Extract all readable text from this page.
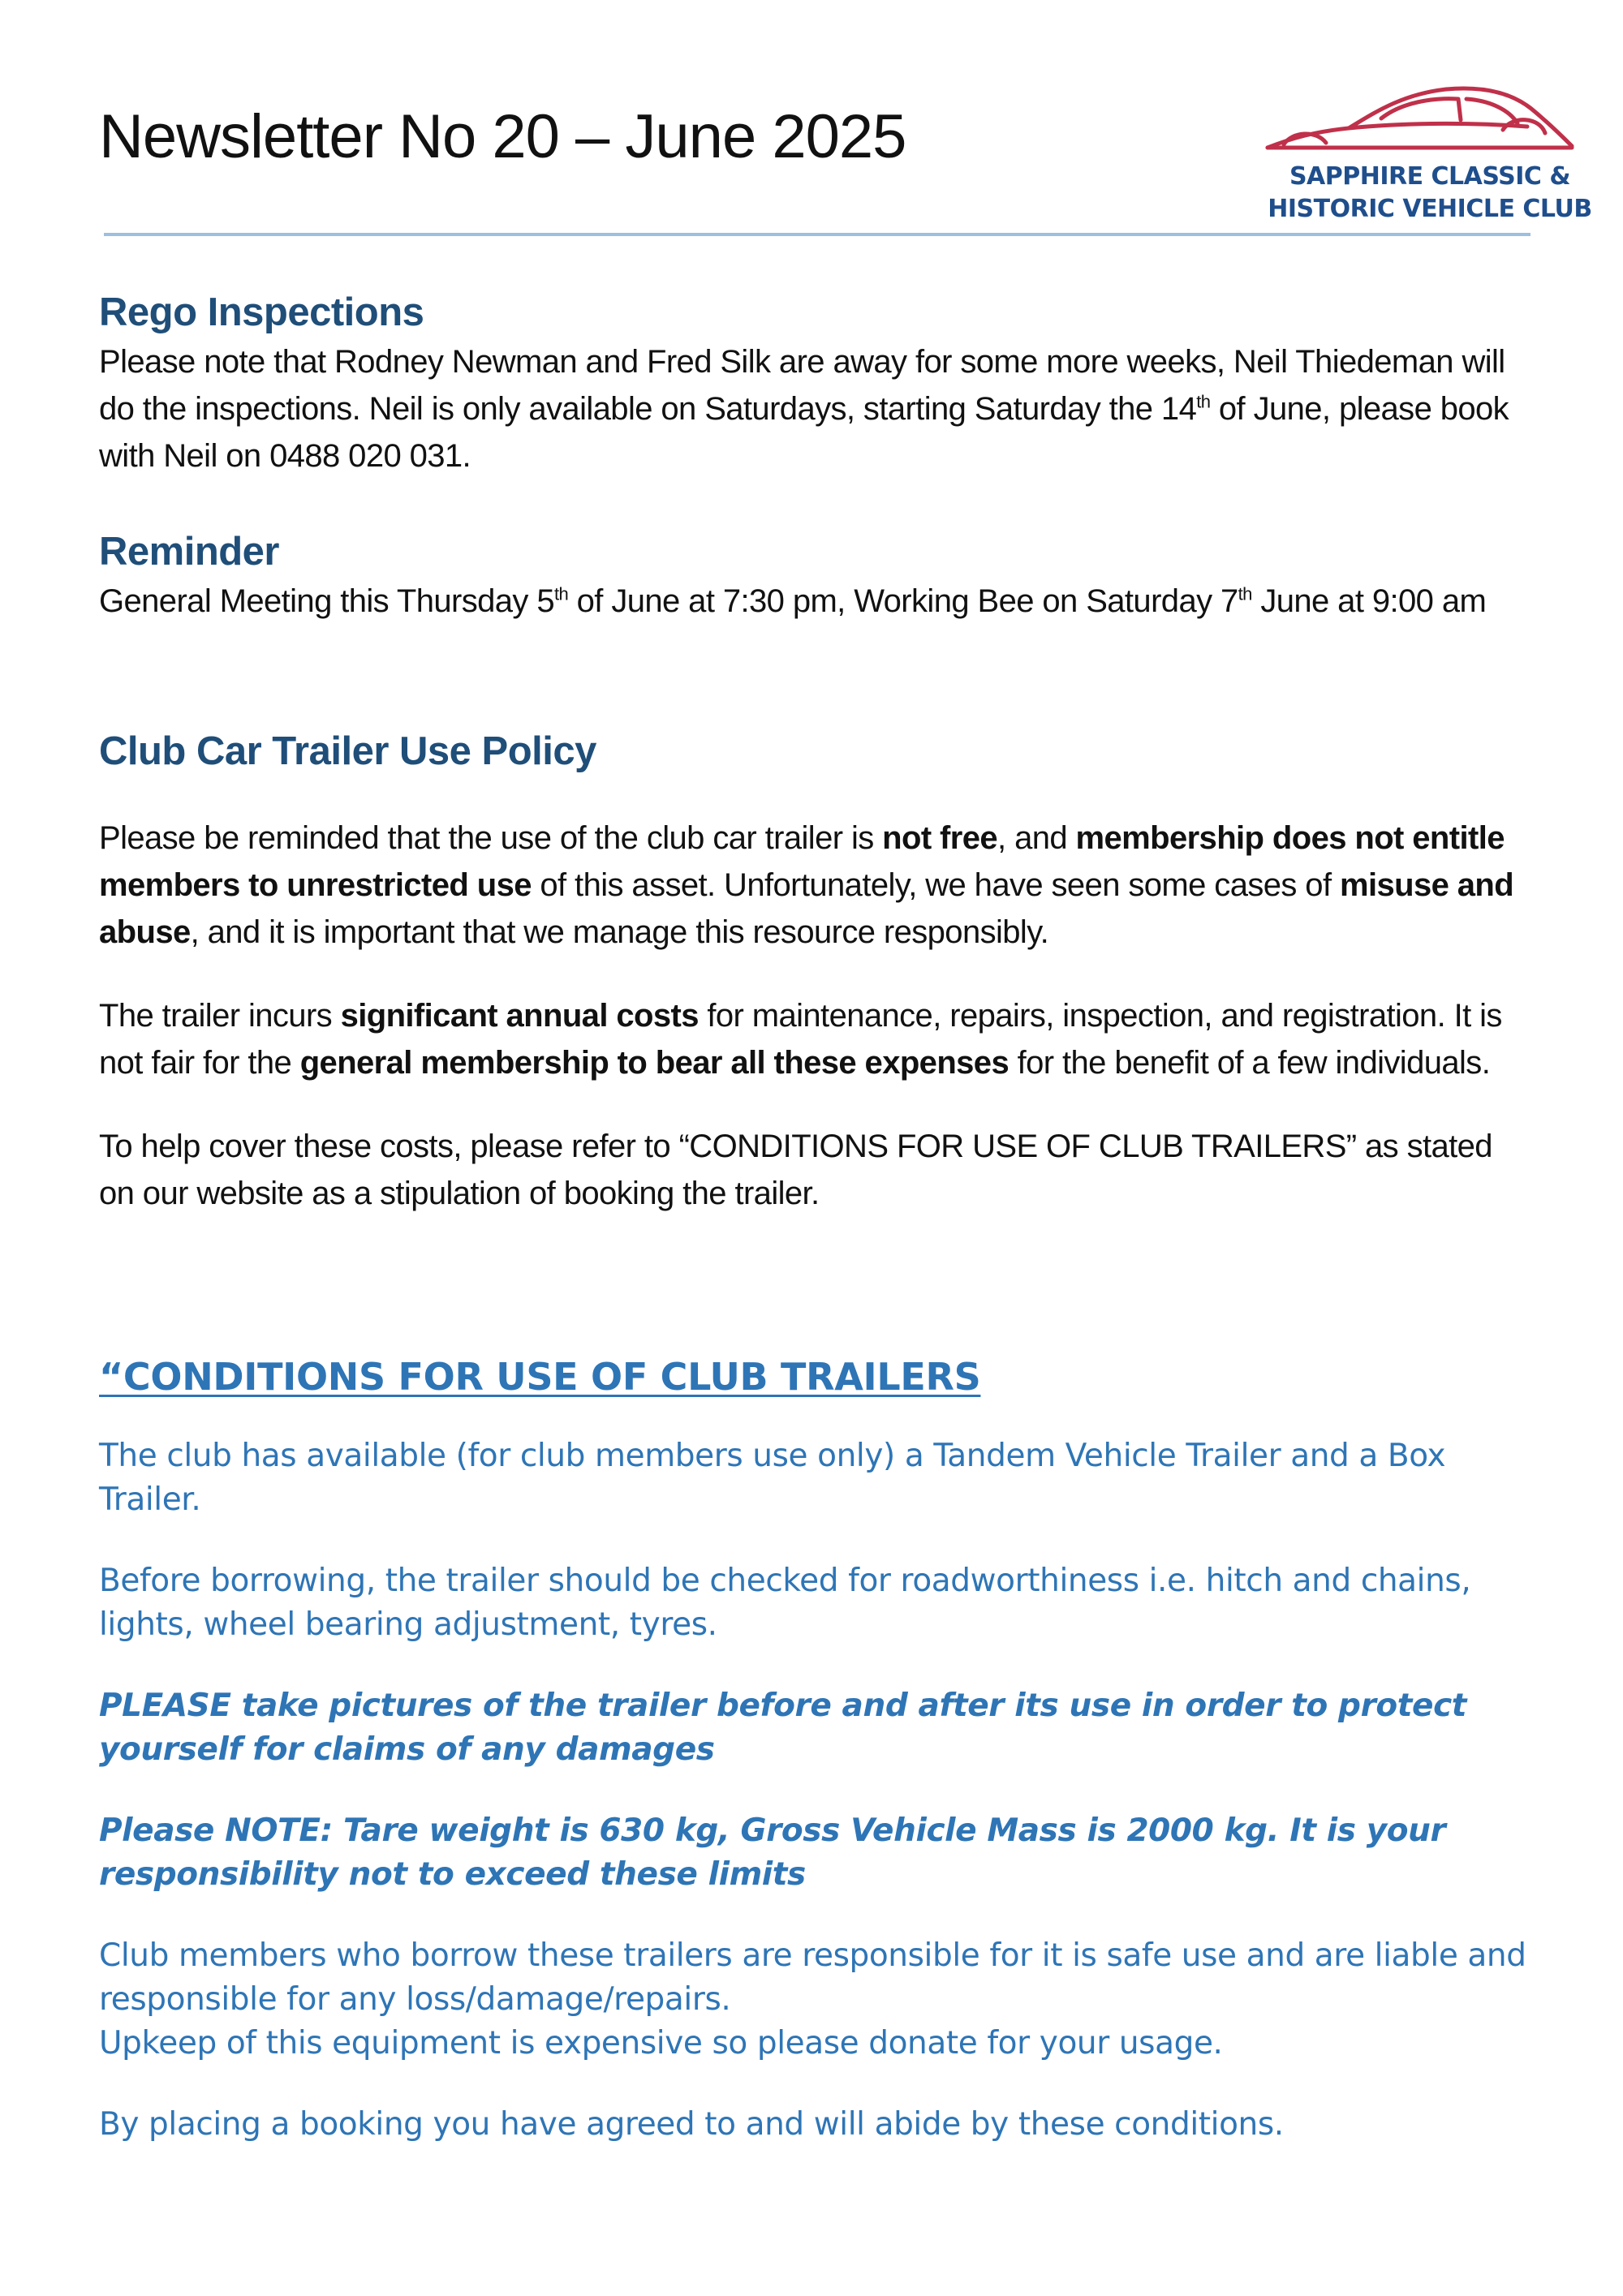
Newsletter No 20 – June 2025
SAPPHIRE CLASSIC &
HISTORIC VEHICLE CLUB
Rego Inspections

Please note that Rodney Newman and Fred Silk are away for some more weeks, Neil Thiedeman will do the inspections. Neil is only available on Saturdays, starting Saturday the 14th of June, please book with Neil on 0488 020 031.

Reminder

General Meeting this Thursday 5th of June at 7:30 pm, Working Bee on Saturday 7th June at 9:00 am

Club Car Trailer Use Policy

Please be reminded that the use of the club car trailer is not free, and membership does not entitle members to unrestricted use of this asset. Unfortunately, we have seen some cases of misuse and abuse, and it is important that we manage this resource responsibly.

The trailer incurs significant annual costs for maintenance, repairs, inspection, and registration. It is not fair for the general membership to bear all these expenses for the benefit of a few individuals.

To help cover these costs, please refer to “CONDITIONS FOR USE OF CLUB TRAILERS” as stated on our website as a stipulation of booking the trailer.

“CONDITIONS FOR USE OF CLUB TRAILERS

The club has available (for club members use only) a Tandem Vehicle Trailer and a Box Trailer.

Before borrowing, the trailer should be checked for roadworthiness i.e. hitch and chains, lights, wheel bearing adjustment, tyres.

PLEASE take pictures of the trailer before and after its use in order to protect yourself for claims of any damages

Please NOTE: Tare weight is 630 kg, Gross Vehicle Mass is 2000 kg. It is your responsibility not to exceed these limits

Club members who borrow these trailers are responsible for it is safe use and are liable and responsible for any loss/damage/repairs.

Upkeep of this equipment is expensive so please donate for your usage.

By placing a booking you have agreed to and will abide by these conditions.
